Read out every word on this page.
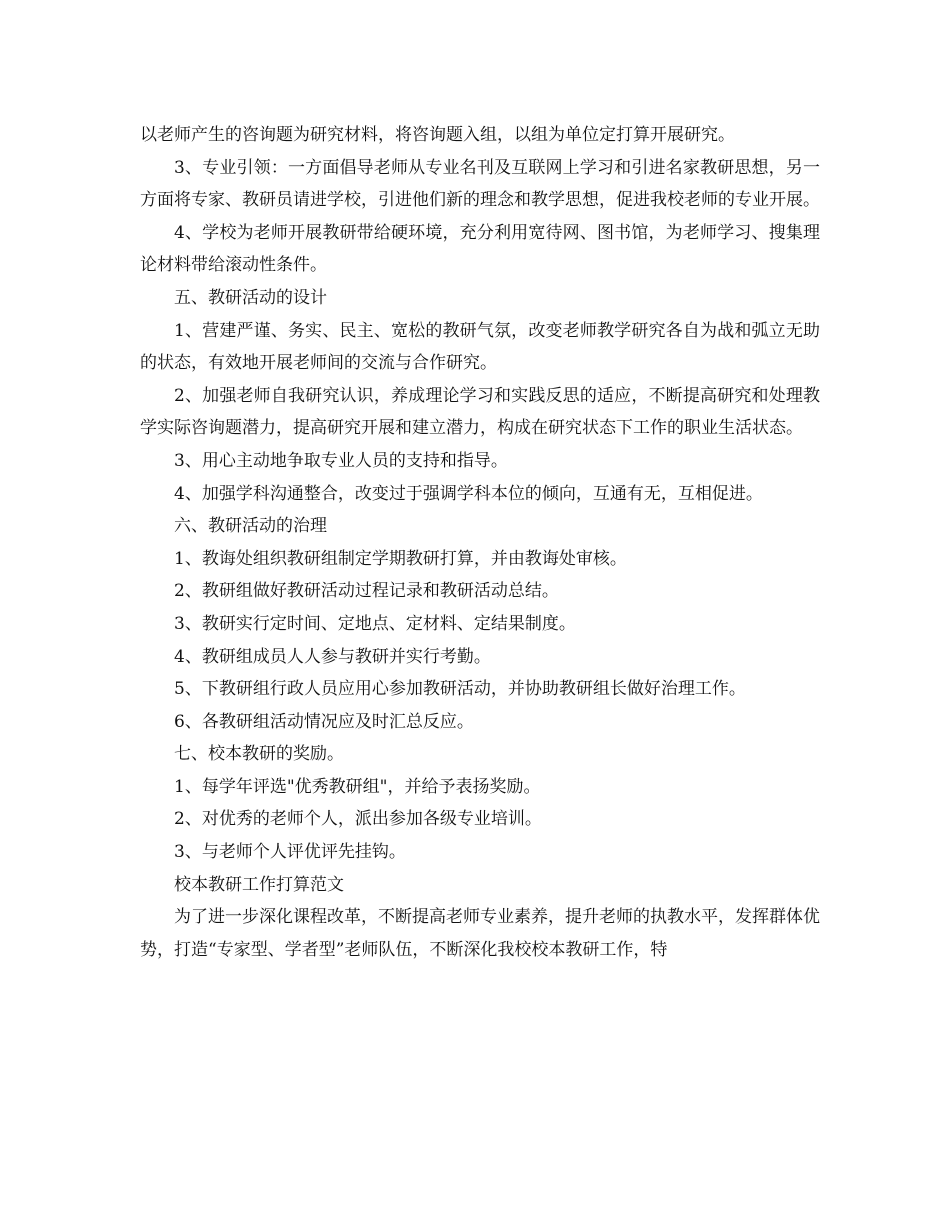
以老师产生的咨询题为研究材料，将咨询题入组，以组为单位定打算开展研究。

3、专业引领：一方面倡导老师从专业名刊及互联网上学习和引进名家教研思想，另一方面将专家、教研员请进学校，引进他们新的理念和教学思想，促进我校老师的专业开展。

4、学校为老师开展教研带给硬环境，充分利用宽待网、图书馆，为老师学习、搜集理论材料带给滚动性条件。

五、教研活动的设计

1、营建严谨、务实、民主、宽松的教研气氛，改变老师教学研究各自为战和弧立无助的状态，有效地开展老师间的交流与合作研究。

2、加强老师自我研究认识，养成理论学习和实践反思的适应，不断提高研究和处理教学实际咨询题潜力，提高研究开展和建立潜力，构成在研究状态下工作的职业生活状态。

3、用心主动地争取专业人员的支持和指导。

4、加强学科沟通整合，改变过于强调学科本位的倾向，互通有无，互相促进。

六、教研活动的治理

1、教诲处组织教研组制定学期教研打算，并由教诲处审核。

2、教研组做好教研活动过程记录和教研活动总结。

3、教研实行定时间、定地点、定材料、定结果制度。

4、教研组成员人人参与教研并实行考勤。

5、下教研组行政人员应用心参加教研活动，并协助教研组长做好治理工作。

6、各教研组活动情况应及时汇总反应。

七、校本教研的奖励。

1、每学年评选"优秀教研组"，并给予表扬奖励。

2、对优秀的老师个人，派出参加各级专业培训。

3、与老师个人评优评先挂钩。

校本教研工作打算范文

为了进一步深化课程改革，不断提高老师专业素养，提升老师的执教水平，发挥群体优势，打造“专家型、学者型”老师队伍，不断深化我校校本教研工作，特
